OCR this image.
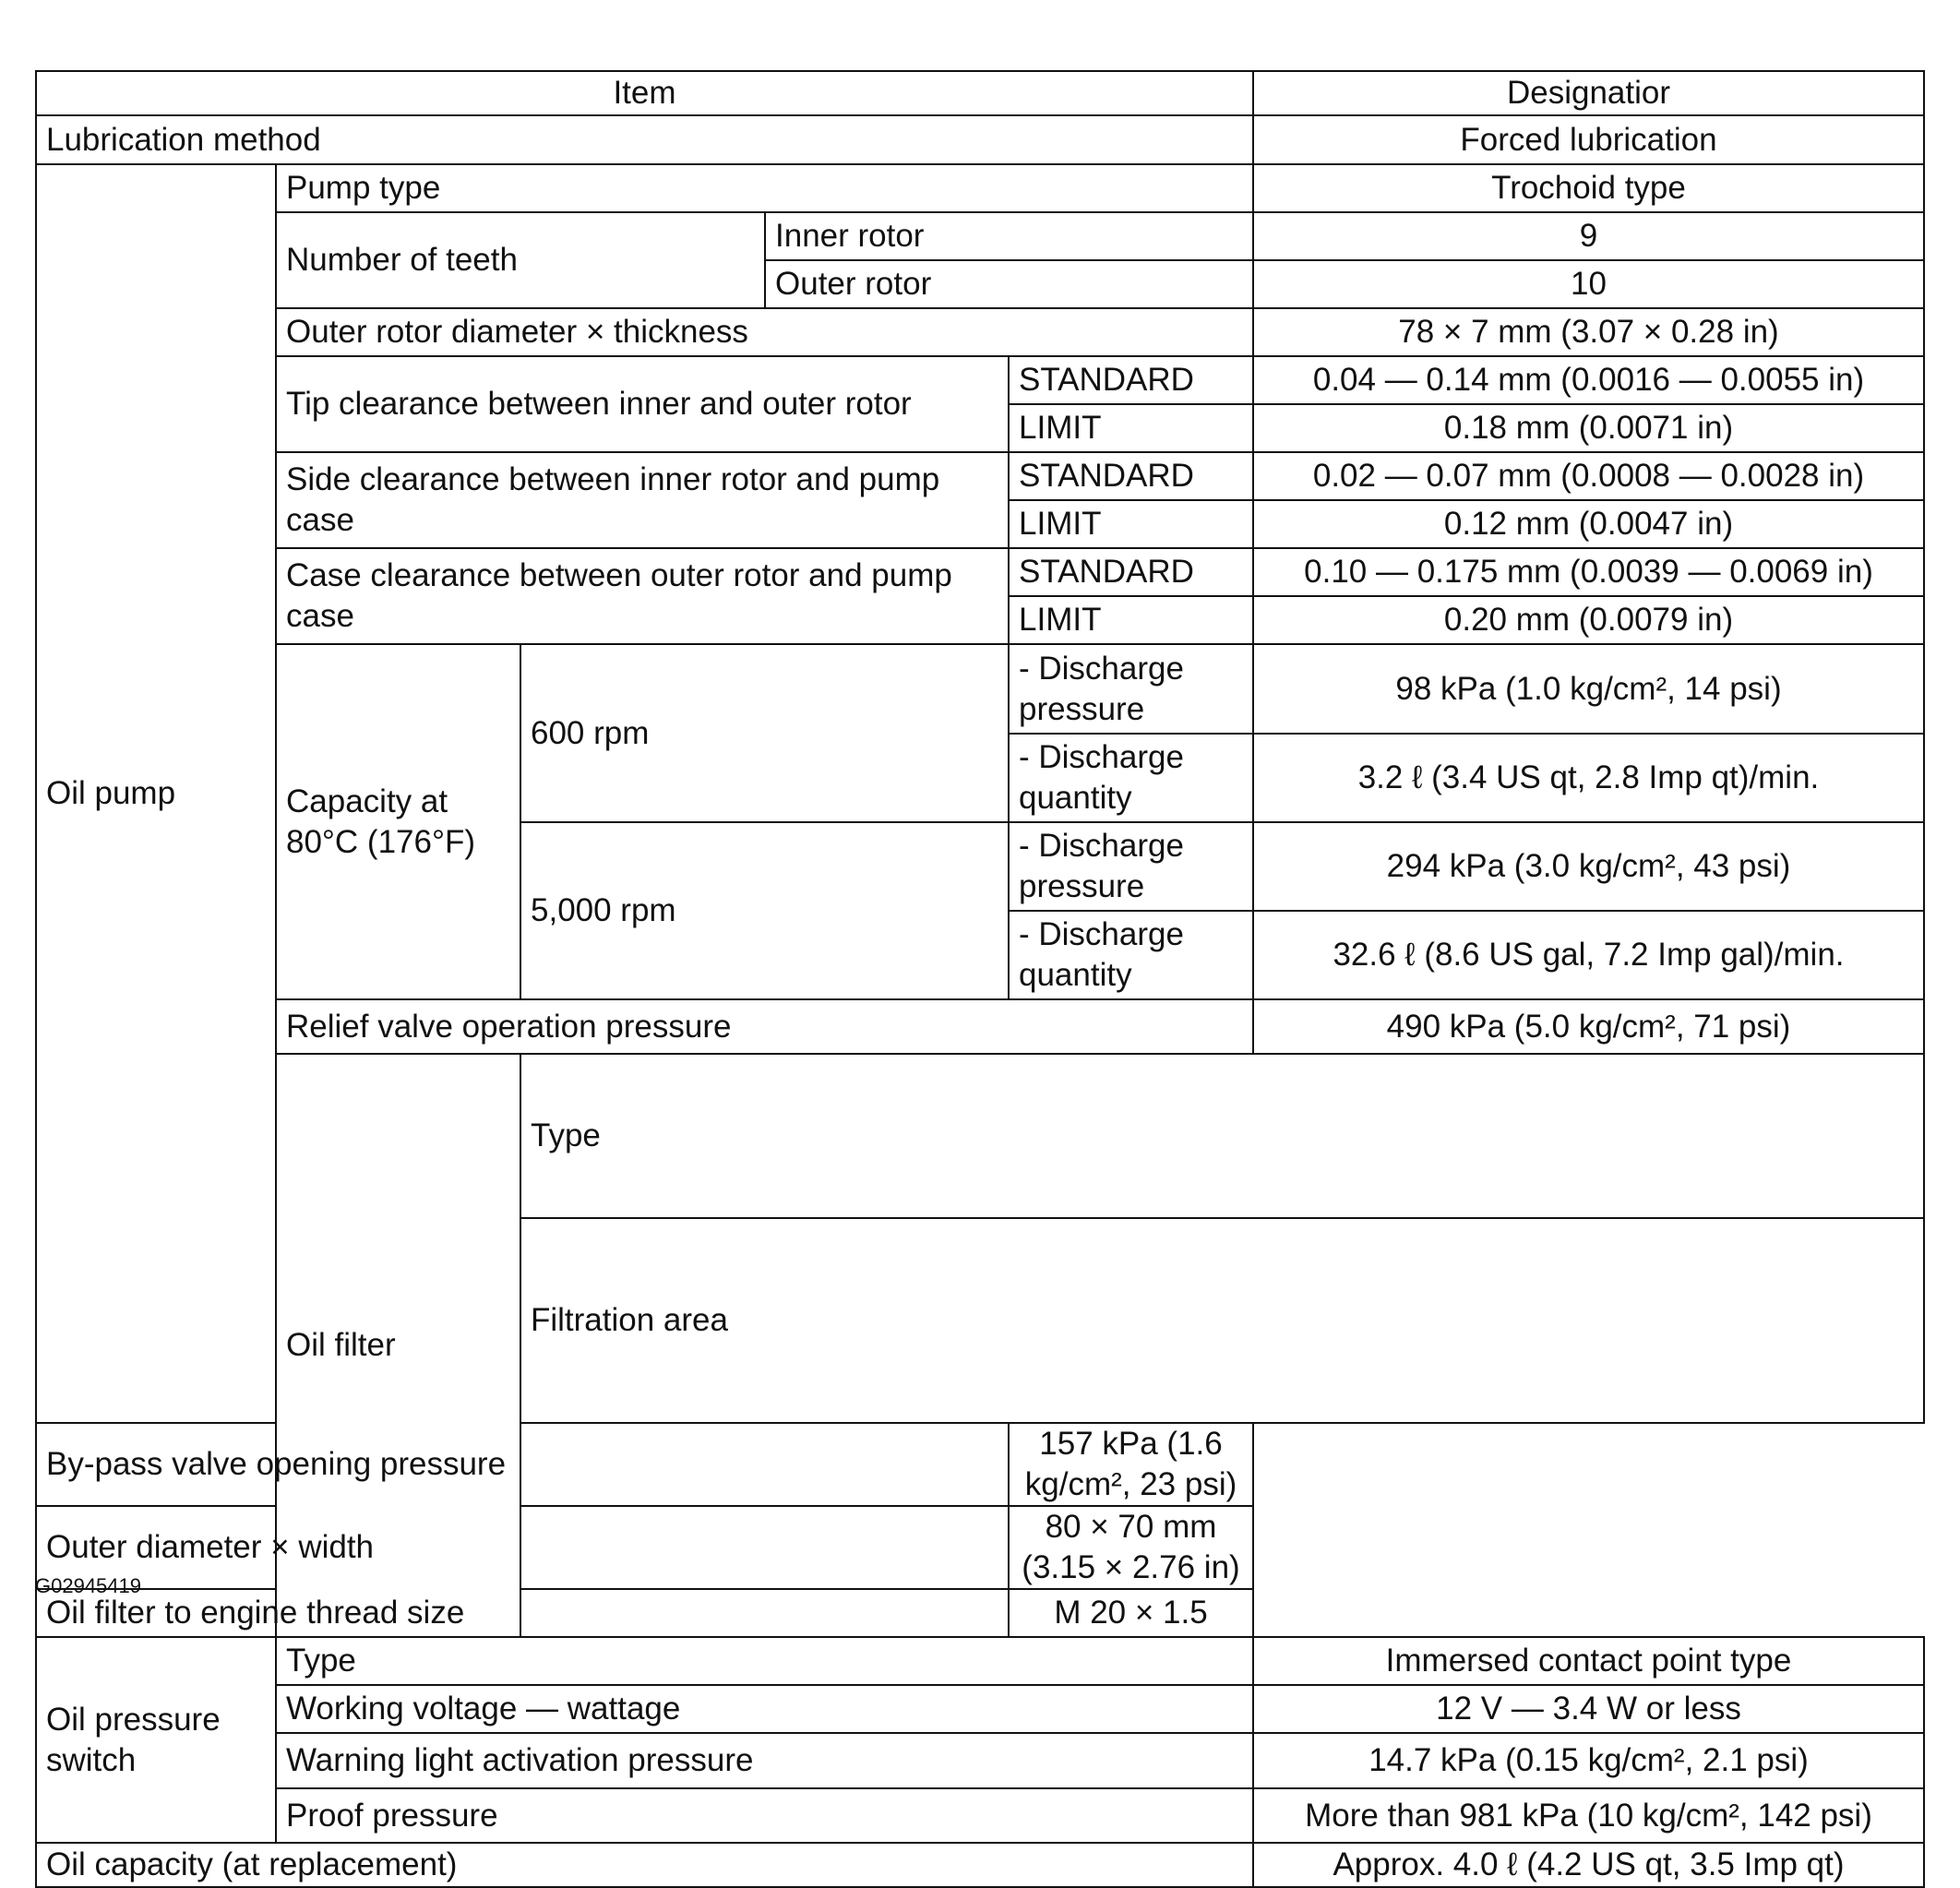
Item					Designatior	
Lubrication method					Forced lubrication	
Oil pump	Pump type				Trochoid type	
	Number of teeth		Inner rotor		9	
			Outer rotor		10	
	Outer rotor diameter × thickness				78 × 7 mm (3.07 × 0.28 in)	
	Tip clearance between inner and outer rotor			STANDARD	0.04 — 0.14 mm (0.0016 — 0.0055 in)	
				LIMIT	0.18 mm (0.0071 in)	
	Side clearance between inner rotor and pump case			STANDARD	0.02 — 0.07 mm (0.0008 — 0.0028 in)	
				LIMIT	0.12 mm (0.0047 in)	
	Case clearance between outer rotor and pump case			STANDARD	0.10 — 0.175 mm (0.0039 — 0.0069 in)	
				LIMIT	0.20 mm (0.0079 in)	
	Capacity at 80°C (176°F)	600 rpm		- Discharge pressure	98 kPa (1.0 kg/cm², 14 psi)	
				- Discharge quantity	3.2 ℓ (3.4 US qt, 2.8 Imp qt)/min.	
		5,000 rpm		- Discharge pressure	294 kPa (3.0 kg/cm², 43 psi)	
				- Discharge quantity	32.6 ℓ (8.6 US gal, 7.2 Imp gal)/min.	
	Relief valve operation pressure				490 kPa (5.0 kg/cm², 71 psi)	
	Oil filter	Type	
		Filtration area	
By-pass valve opening pressure				157 kPa (1.6 kg/cm², 23 psi)		
Outer diameter × width				80 × 70 mm (3.15 × 2.76 in)		
Oil filter to engine thread size				M 20 × 1.5		
Oil pressure switch	Type				Immersed contact point type	
	Working voltage — wattage				12 V — 3.4 W or less	
	Warning light activation pressure				14.7 kPa (0.15 kg/cm², 2.1 psi)	
	Proof pressure				More than 981 kPa (10 kg/cm², 142 psi)	
Oil capacity (at replacement)					Approx. 4.0 ℓ (4.2 US qt, 3.5 Imp qt)	
G02945419
